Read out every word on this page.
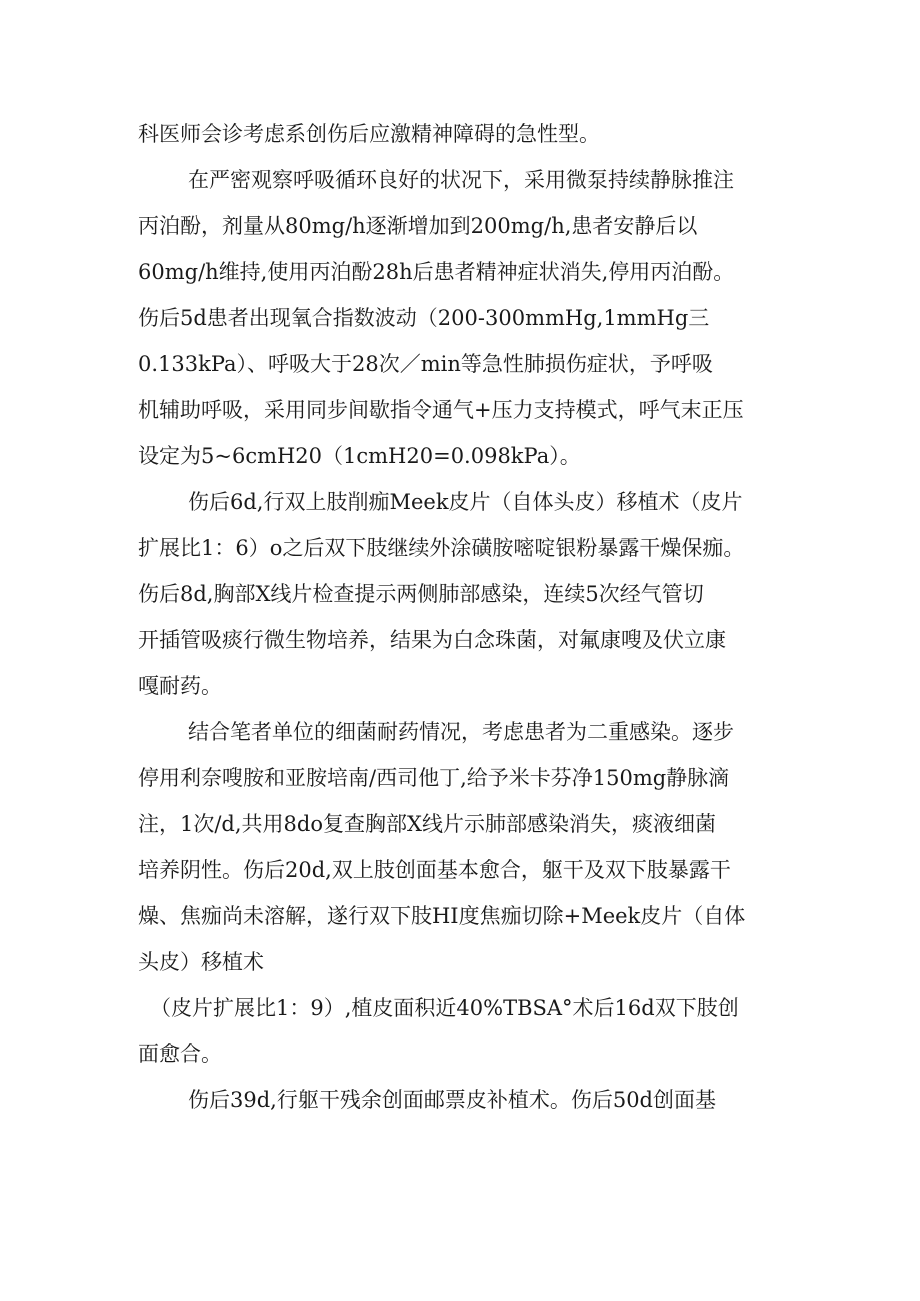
科医师会诊考虑系创伤后应激精神障碍的急性型。
在严密观察呼吸循环良好的状况下，采用微泵持续静脉推注
丙泊酚，剂量从80mg/h逐渐增加到200mg/h,患者安静后以
60mg/h维持,使用丙泊酚28h后患者精神症状消失,停用丙泊酚。
伤后5d患者出现氧合指数波动（200-300mmHg,1mmHg三
0.133kPa）、呼吸大于28次／min等急性肺损伤症状，予呼吸
机辅助呼吸，采用同步间歇指令通气+压力支持模式，呼气末正压
设定为5~6cmH20（1cmH20=0.098kPa）。
伤后6d,行双上肢削痂Meek皮片（自体头皮）移植术（皮片
扩展比1：6）o之后双下肢继续外涂磺胺嘧啶银粉暴露干燥保痂。
伤后8d,胸部X线片检查提示两侧肺部感染，连续5次经气管切
开插管吸痰行微生物培养，结果为白念珠菌，对氟康嗖及伏立康
嘎耐药。
结合笔者单位的细菌耐药情况，考虑患者为二重感染。逐步
停用利奈嗖胺和亚胺培南/西司他丁,给予米卡芬净150mg静脉滴
注，1次/d,共用8do复查胸部X线片示肺部感染消失，痰液细菌
培养阴性。伤后20d,双上肢创面基本愈合，躯干及双下肢暴露干
燥、焦痂尚未溶解，遂行双下肢HI度焦痂切除+Meek皮片（自体
头皮）移植术
（皮片扩展比1：9）,植皮面积近40%TBSA°术后16d双下肢创
面愈合。
伤后39d,行躯干残余创面邮票皮补植术。伤后50d创面基
